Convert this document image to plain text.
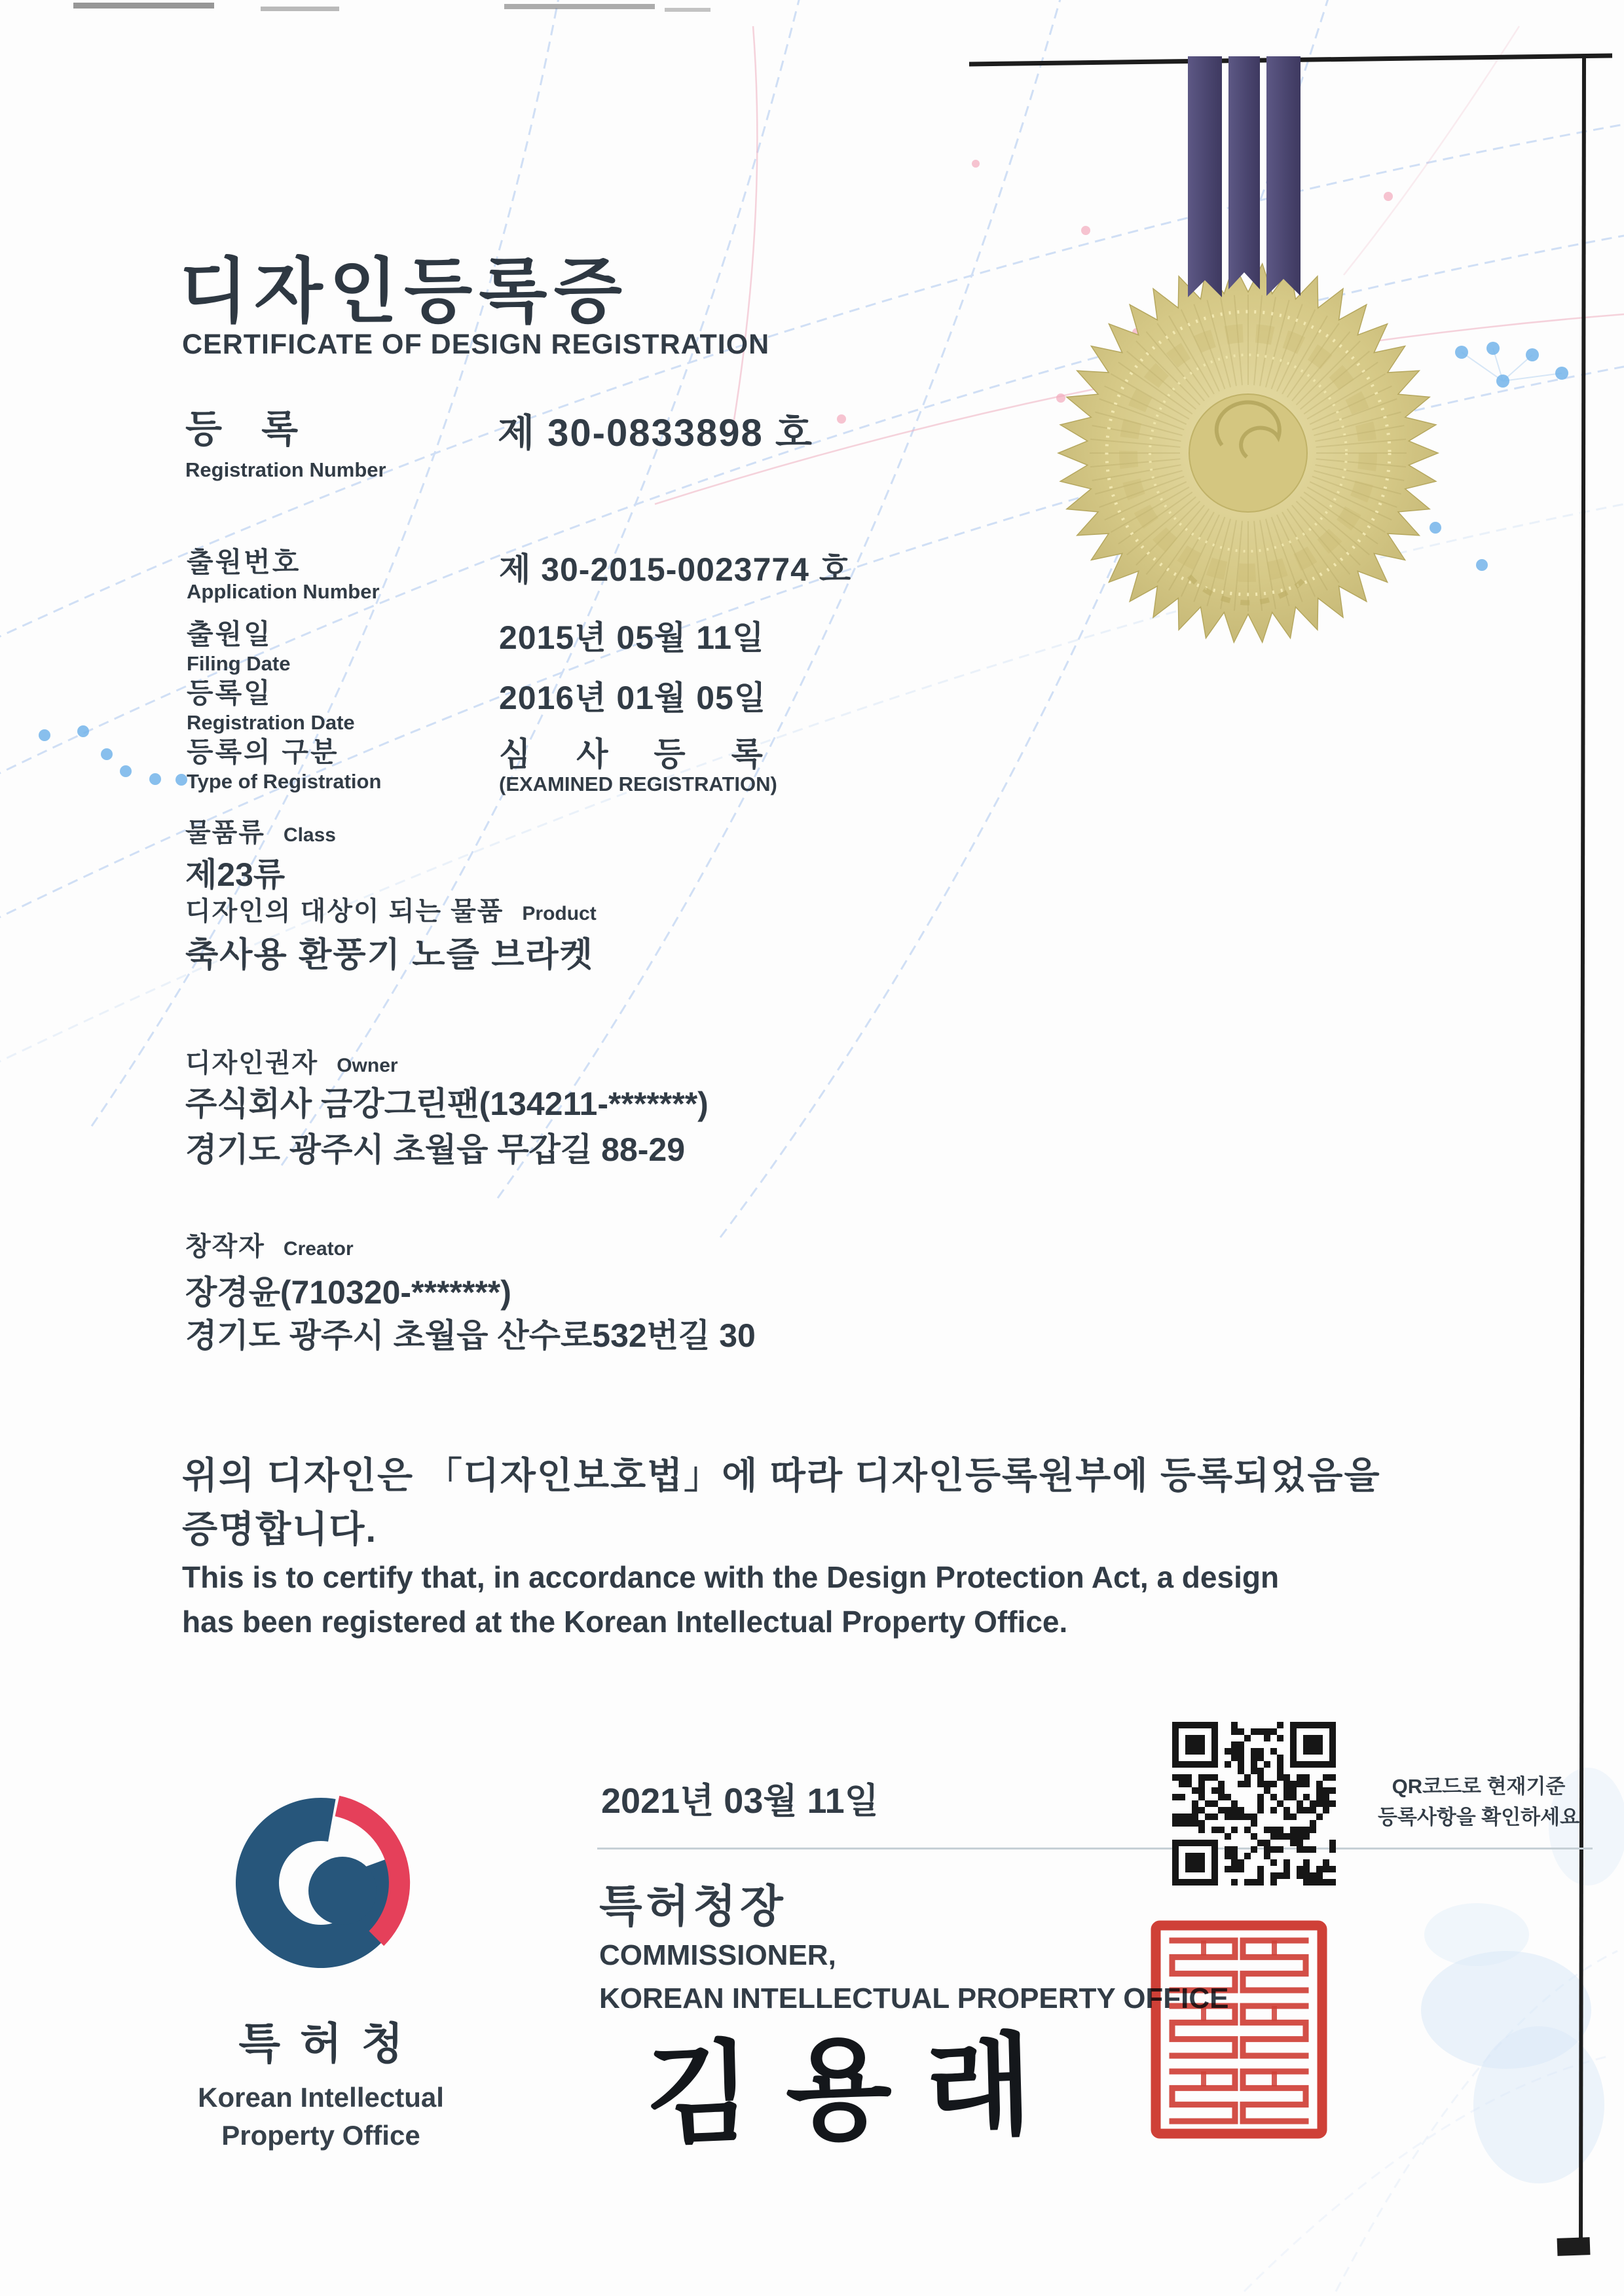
디자인등록증
CERTIFICATE OF DESIGN REGISTRATION
등 록
Registration Number
제 30-0833898 호
출원번호
Application Number
제 30-2015-0023774 호
출원일
Filing Date
2015년 05월 11일
등록일
Registration Date
2016년 01월 05일
등록의 구분
Type of Registration
심 사 등 록
(EXAMINED REGISTRATION)
물품류 Class
제23류
디자인의 대상이 되는 물품 Product
축사용 환풍기 노즐 브라켓
디자인권자 Owner
주식회사 금강그린팬(134211-*******)
경기도 광주시 초월읍 무갑길 88-29
창작자 Creator
장경윤(710320-*******)
경기도 광주시 초월읍 산수로532번길 30
위의 디자인은 「디자인보호법」에 따라 디자인등록원부에 등록되었음을
증명합니다.
This is to certify that, in accordance with the Design Protection Act, a design
has been registered at the Korean Intellectual Property Office.
2021년 03월 11일	QR코드로 현재기준
등록사항을 확인하세요
특허청장
COMMISSIONER,
KOREAN INTELLECTUAL PROPERTY OFFICE
김용래
특허청
Korean Intellectual
Property Office
